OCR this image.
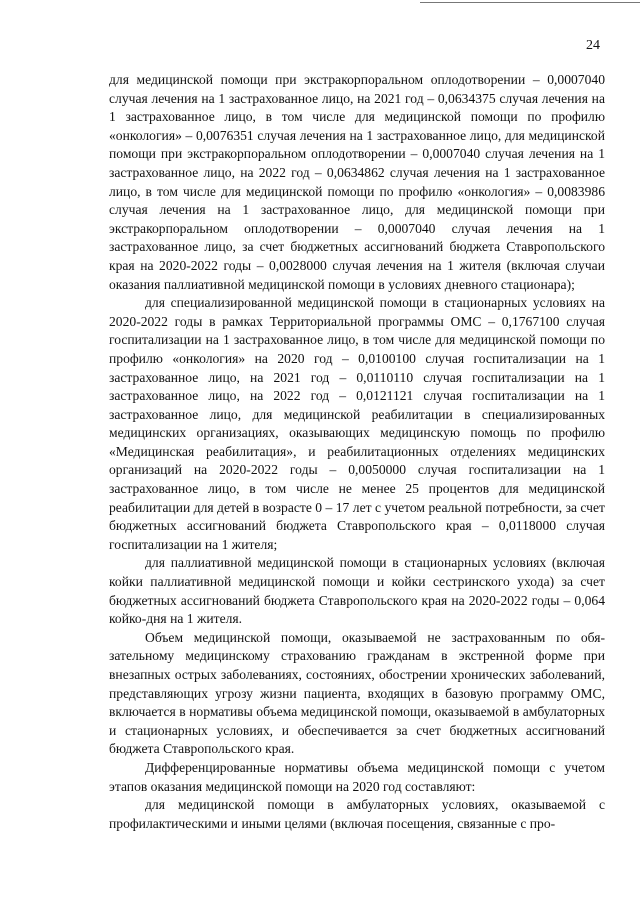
24

для медицинской помощи при экстракорпоральном оплодотворении – 0,0007040 случая лечения на 1 застрахованное лицо, на 2021 год – 0,0634375 случая лечения на 1 застрахованное лицо, в том числе для медицинской помощи по профилю «онкология» – 0,0076351 случая лечения на 1 застрахованное лицо, для медицинской помощи при экстракорпоральном оплодотворении – 0,0007040 случая лечения на 1 застрахованное лицо, на 2022 год – 0,0634862 случая лечения на 1 застрахованное лицо, в том числе для медицинской помощи по профилю «онкология» – 0,0083986 случая лечения на 1 застрахованное лицо, для медицинской помощи при экстракорпоральном оплодотворении – 0,0007040 случая лечения на 1 застрахованное лицо, за счет бюджетных ассигнований бюджета Ставропольского края на 2020-2022 годы – 0,0028000 случая лечения на 1 жителя (включая случаи оказания паллиативной медицинской помощи в условиях дневного стационара);

для специализированной медицинской помощи в стационарных условиях на 2020-2022 годы в рамках Территориальной программы ОМС – 0,1767100 случая госпитализации на 1 застрахованное лицо, в том числе для медицинской помощи по профилю «онкология» на 2020 год – 0,0100100 случая госпитализации на 1 застрахованное лицо, на 2021 год – 0,0110110 случая госпитализации на 1 застрахованное лицо, на 2022 год – 0,0121121 случая госпитализации на 1 застрахованное лицо, для медицинской реабилитации в специализированных медицинских организациях, оказывающих медицинскую помощь по профилю «Медицинская реабилитация», и реабилитационных отделениях медицинских организаций на 2020-2022 годы – 0,0050000 случая госпитализации на 1 застрахованное лицо, в том числе не менее 25 процентов для медицинской реабилитации для детей в возрасте 0 – 17 лет с учетом реальной потребности, за счет бюджетных ассигнований бюджета Ставропольского края – 0,0118000 случая госпитализации на 1 жителя;

для паллиативной медицинской помощи в стационарных условиях (включая койки паллиативной медицинской помощи и койки сестринского ухода) за счет бюджетных ассигнований бюджета Ставропольского края на 2020-2022 годы – 0,064 койко-дня на 1 жителя.

Объем медицинской помощи, оказываемой не застрахованным по обязательному медицинскому страхованию гражданам в экстренной форме при внезапных острых заболеваниях, состояниях, обострении хронических заболеваний, представляющих угрозу жизни пациента, входящих в базовую программу ОМС, включается в нормативы объема медицинской помощи, оказываемой в амбулаторных и стационарных условиях, и обеспечивается за счет бюджетных ассигнований бюджета Ставропольского края.

Дифференцированные нормативы объема медицинской помощи с учетом этапов оказания медицинской помощи на 2020 год составляют:

для медицинской помощи в амбулаторных условиях, оказываемой с профилактическими и иными целями (включая посещения, связанные с про-
